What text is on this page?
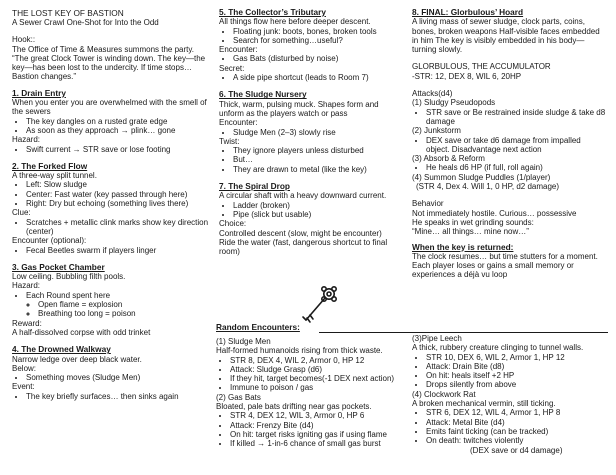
THE LOST KEY OF BASTION
A Sewer Crawl One-Shot for Into the Odd
Hook::
The Office of Time & Measures summons the party. “The great Clock Tower is winding down. The key—the key—has been lost to the undercity. If time stops… Bastion changes.”
1. Drain Entry
When you enter you are overwhelmed with the smell of the sewers
• The key dangles on a rusted grate edge
• As soon as they approach → plink… gone
Hazard:
• Swift current → STR save or lose footing
2. The Forked Flow
A three-way split tunnel.
• Left: Slow sludge
• Center: Fast water (key passed through here)
• Right: Dry but echoing (something lives there)
Clue:
• Scratches + metallic clink marks show key direction (center)
Encounter (optional):
• Fecal Beetles swarm if players linger
3. Gas Pocket Chamber
Low ceiling. Bubbling filth pools.
Hazard:
• Each Round spent here
◦ Open flame = explosion
◦ Breathing too long = poison
Reward:
A half-dissolved corpse with odd trinket
4. The Drowned Walkway
Narrow ledge over deep black water.
Below:
• Something moves (Sludge Men)
Event:
• The key briefly surfaces… then sinks again
5. The Collector’s Tributary
All things flow here before deeper descent.
• Floating junk: boots, bones, broken tools
• Search for something…useful?
Encounter:
• Gas Bats (disturbed by noise)
Secret:
• A side pipe shortcut (leads to Room 7)
6. The Sludge Nursery
Thick, warm, pulsing muck. Shapes form and unform as the players watch or pass
Encounter:
• Sludge Men (2–3) slowly rise
Twist:
• They ignore players unless disturbed
• But…
• They are drawn to metal (like the key)
7. The Spiral Drop
A circular shaft with a heavy downward current.
• Ladder (broken)
• Pipe (slick but usable)
Choice:
Controlled descent (slow, might be encounter)
Ride the water (fast, dangerous shortcut to final room)
8. FINAL: Glorbulous’ Hoard
A living mass of sewer sludge, clock parts, coins, bones, broken weapons Half-visible faces embedded in him The key is visibly embedded in his body—turning slowly.
GLORBULOUS, THE ACCUMULATOR
-STR: 12, DEX 8, WIL 6, 20HP
Attacks(d4)
(1) Sludgy Pseudopods
• STR save or Be restrained inside sludge & take d8 damage
(2) Junkstorm
• DEX save or take d6 damage from impalled object. Disadvantage next action
(3) Absorb & Reform
• He heals d6 HP (if full, roll again)
(4) Summon Sludge Puddles (1/player)
(STR 4, Dex 4. Will 1, 0 HP, d2 damage)
Behavior
Not immediately hostile. Curious… possessive
He speaks in wet grinding sounds:
“Mine… all things… mine now…”
When the key is returned:
The clock resumes… but time stutters for a moment. Each player loses or gains a small memory or experiences a déjà vu loop
Random Encounters:
(1) Sludge Men
Half-formed humanoids rising from thick waste.
• STR 8, DEX 4, WIL 2, Armor 0, HP 12
• Attack: Sludge Grasp (d6)
• If they hit, target becomes(-1 DEX next action)
• Immune to poison / gas
(2) Gas Bats
Bloated, pale bats drifting near gas pockets.
• STR 4, DEX 12, WIL 3, Armor 0, HP 6
• Attack: Frenzy Bite (d4)
• On hit: target risks igniting gas if using flame
• If killed → 1-in-6 chance of small gas burst
(3)Pipe Leech
A thick, rubbery creature clinging to tunnel walls.
• STR 10, DEX 6, WIL 2, Armor 1, HP 12
• Attack: Drain Bite (d8)
• On hit: heals itself +2 HP
• Drops silently from above
(4) Clockwork Rat
A broken mechanical vermin, still ticking.
• STR 6, DEX 12, WIL 4, Armor 1, HP 8
• Attack: Metal Bite (d4)
• Emits faint ticking (can be tracked)
• On death: twitches violently
(DEX save or d4 damage)
